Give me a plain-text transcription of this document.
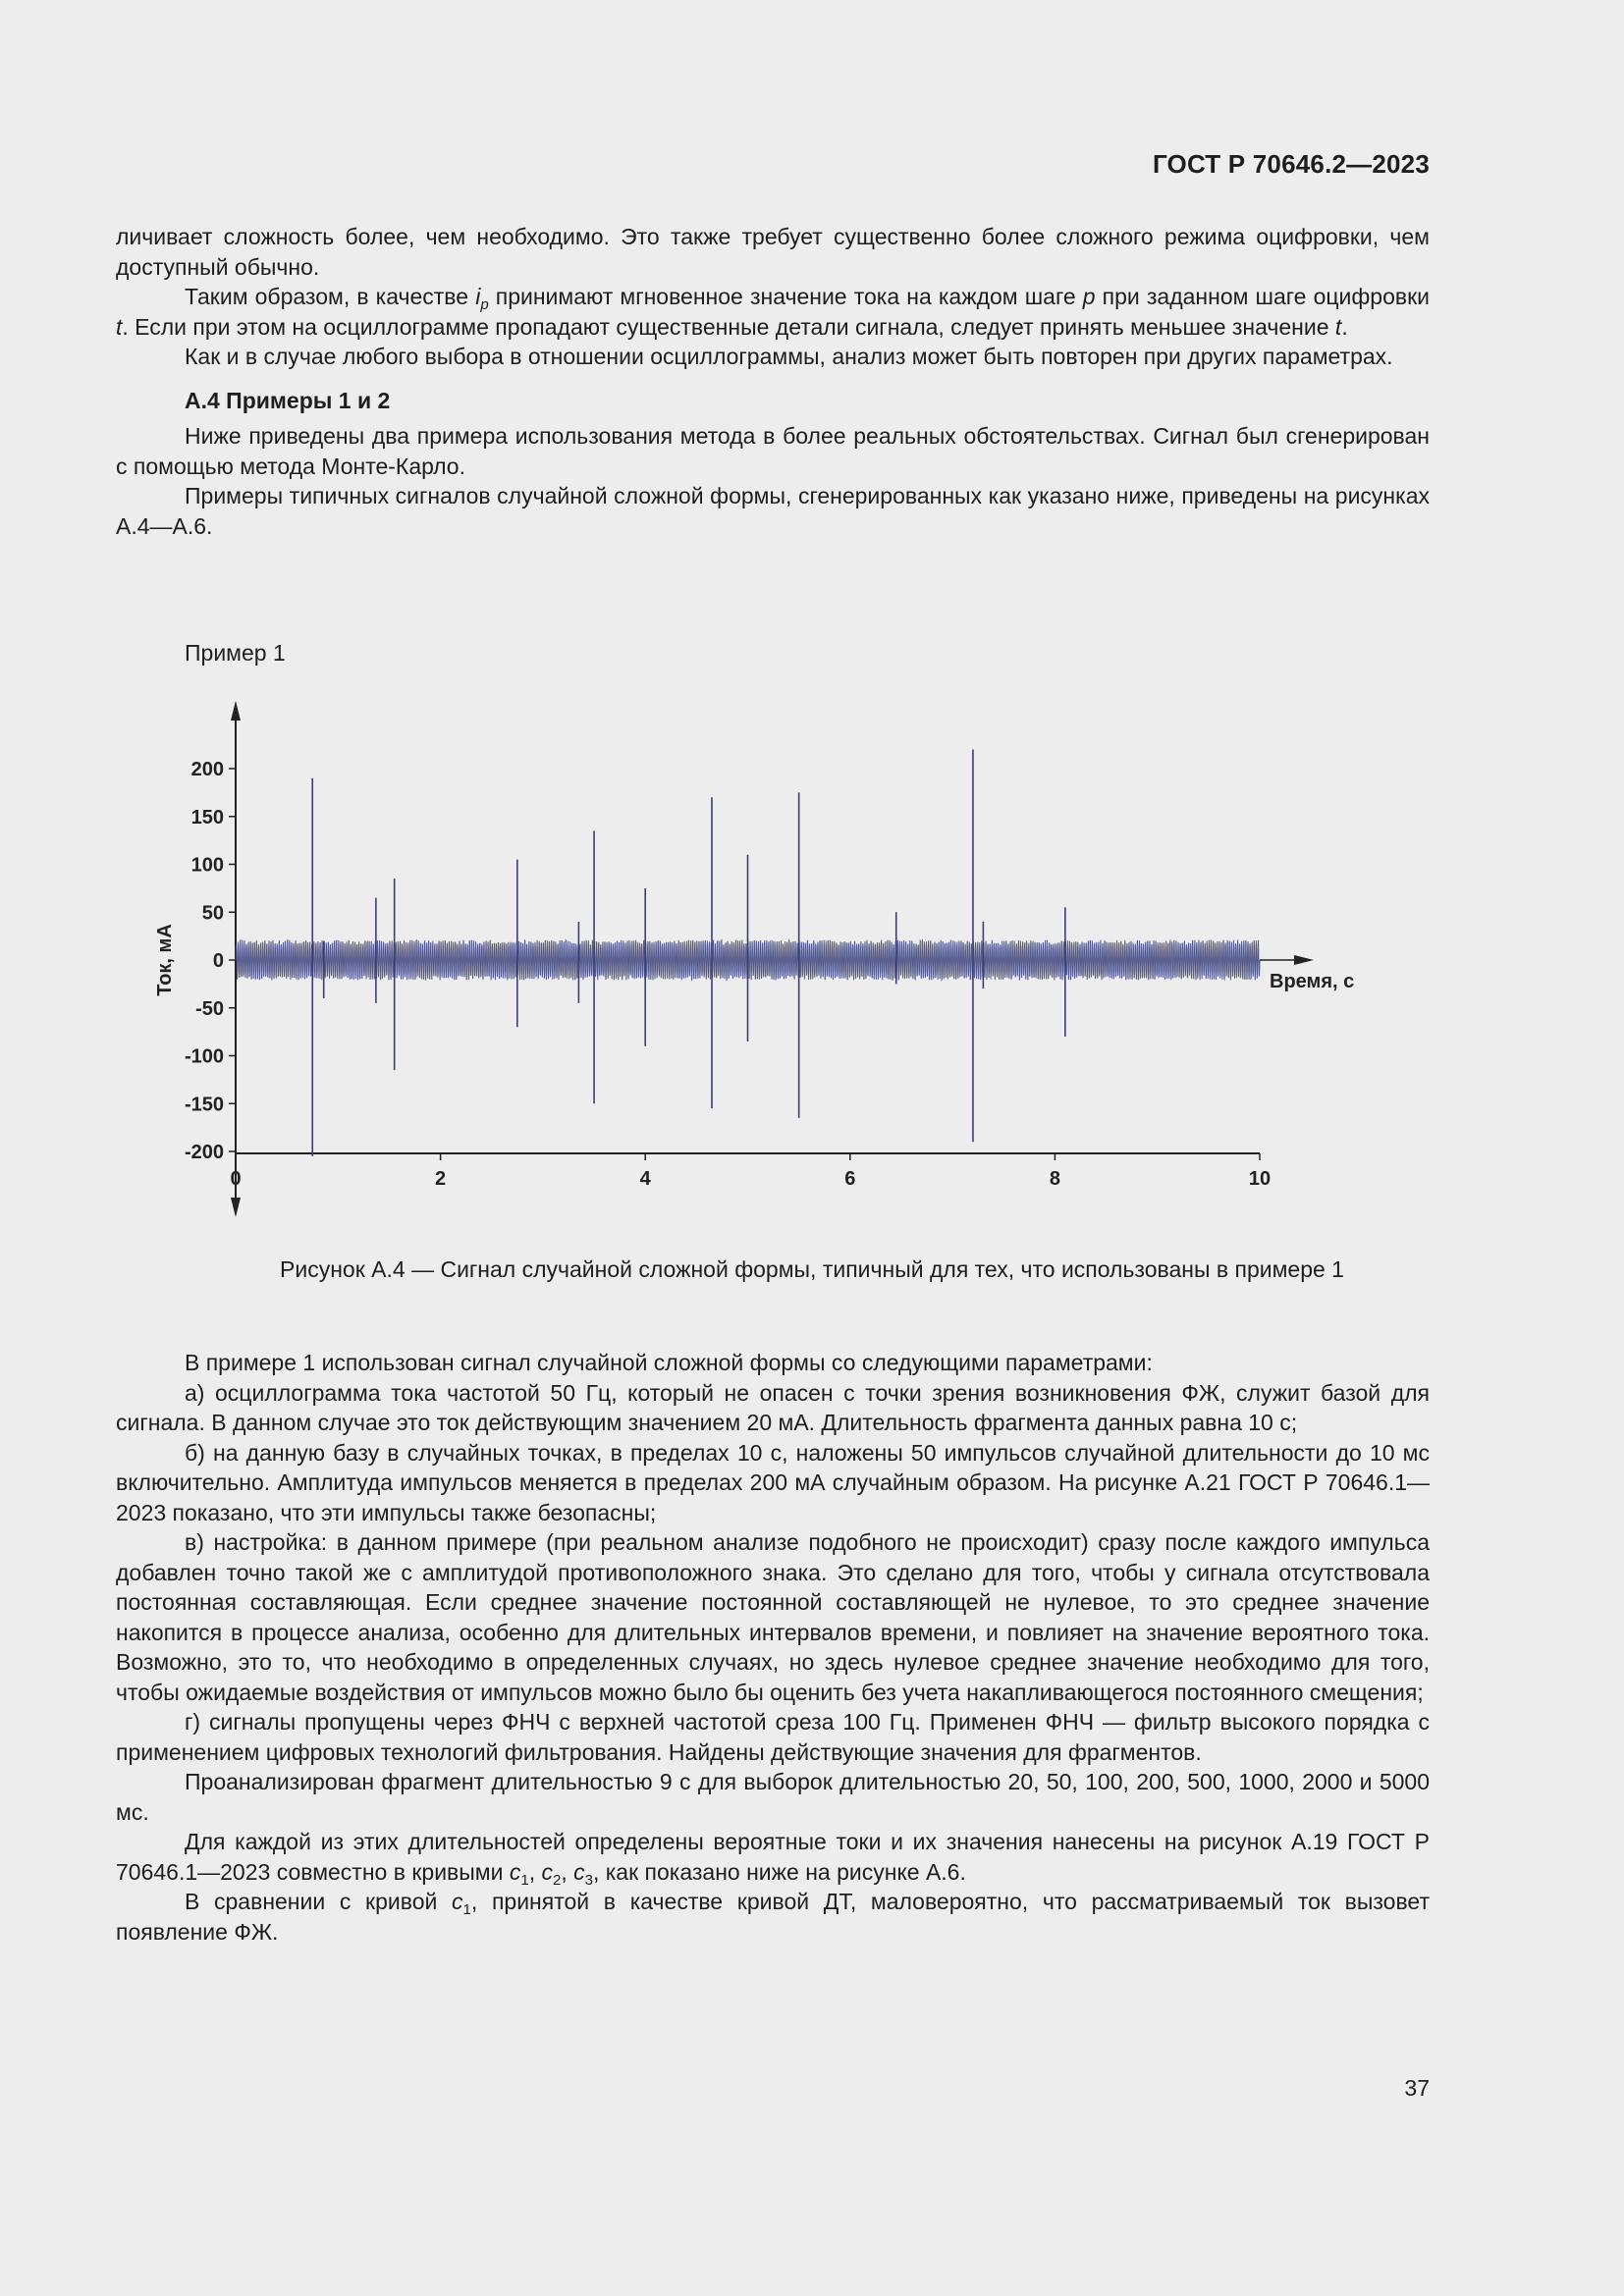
ГОСТ Р 70646.2—2023

личивает сложность более, чем необходимо. Это также требует существенно более сложного режима оцифровки, чем доступный обычно.

Таким образом, в качестве $i_p$ принимают мгновенное значение тока на каждом шаге p при заданном шаге оцифровки t. Если при этом на осциллограмме пропадают существенные детали сигнала, следует принять меньшее значение t.

Как и в случае любого выбора в отношении осциллограммы, анализ может быть повторен при других параметрах.

А.4 Примеры 1 и 2

Ниже приведены два примера использования метода в более реальных обстоятельствах. Сигнал был сгенерирован с помощью метода Монте-Карло.

Примеры типичных сигналов случайной сложной формы, сгенерированных как указано ниже, приведены на рисунках А.4—А.6.

Пример 1
200
150
100
50
0
-50
-100
-150
-200
0	2	4	6	8	10
Время, с
Ток, мА
Рисунок А.4 — Сигнал случайной сложной формы, типичный для тех, что использованы в примере 1

В примере 1 использован сигнал случайной сложной формы со следующими параметрами:

а) осциллограмма тока частотой 50 Гц, который не опасен с точки зрения возникновения ФЖ, служит базой для сигнала. В данном случае это ток действующим значением 20 мА. Длительность фрагмента данных равна 10 с;

б) на данную базу в случайных точках, в пределах 10 с, наложены 50 импульсов случайной длительности до 10 мс включительно. Амплитуда импульсов меняется в пределах 200 мА случайным образом. На рисунке А.21 ГОСТ Р 70646.1—2023 показано, что эти импульсы также безопасны;

в) настройка: в данном примере (при реальном анализе подобного не происходит) сразу после каждого импульса добавлен точно такой же с амплитудой противоположного знака. Это сделано для того, чтобы у сигнала отсутствовала постоянная составляющая. Если среднее значение постоянной составляющей не нулевое, то это среднее значение накопится в процессе анализа, особенно для длительных интервалов времени, и повлияет на значение вероятного тока. Возможно, это то, что необходимо в определенных случаях, но здесь нулевое среднее значение необходимо для того, чтобы ожидаемые воздействия от импульсов можно было бы оценить без учета накапливающегося постоянного смещения;

г) сигналы пропущены через ФНЧ с верхней частотой среза 100 Гц. Применен ФНЧ — фильтр высокого порядка с применением цифровых технологий фильтрования. Найдены действующие значения для фрагментов.

Проанализирован фрагмент длительностью 9 с для выборок длительностью 20, 50, 100, 200, 500, 1000, 2000 и 5000 мс.

Для каждой из этих длительностей определены вероятные токи и их значения нанесены на рисунок А.19 ГОСТ Р 70646.1—2023 совместно в кривыми $c_1$, $c_2$, $c_3$, как показано ниже на рисунке А.6.

В сравнении с кривой $c_1$, принятой в качестве кривой ДТ, маловероятно, что рассматриваемый ток вызовет появление ФЖ.

37
